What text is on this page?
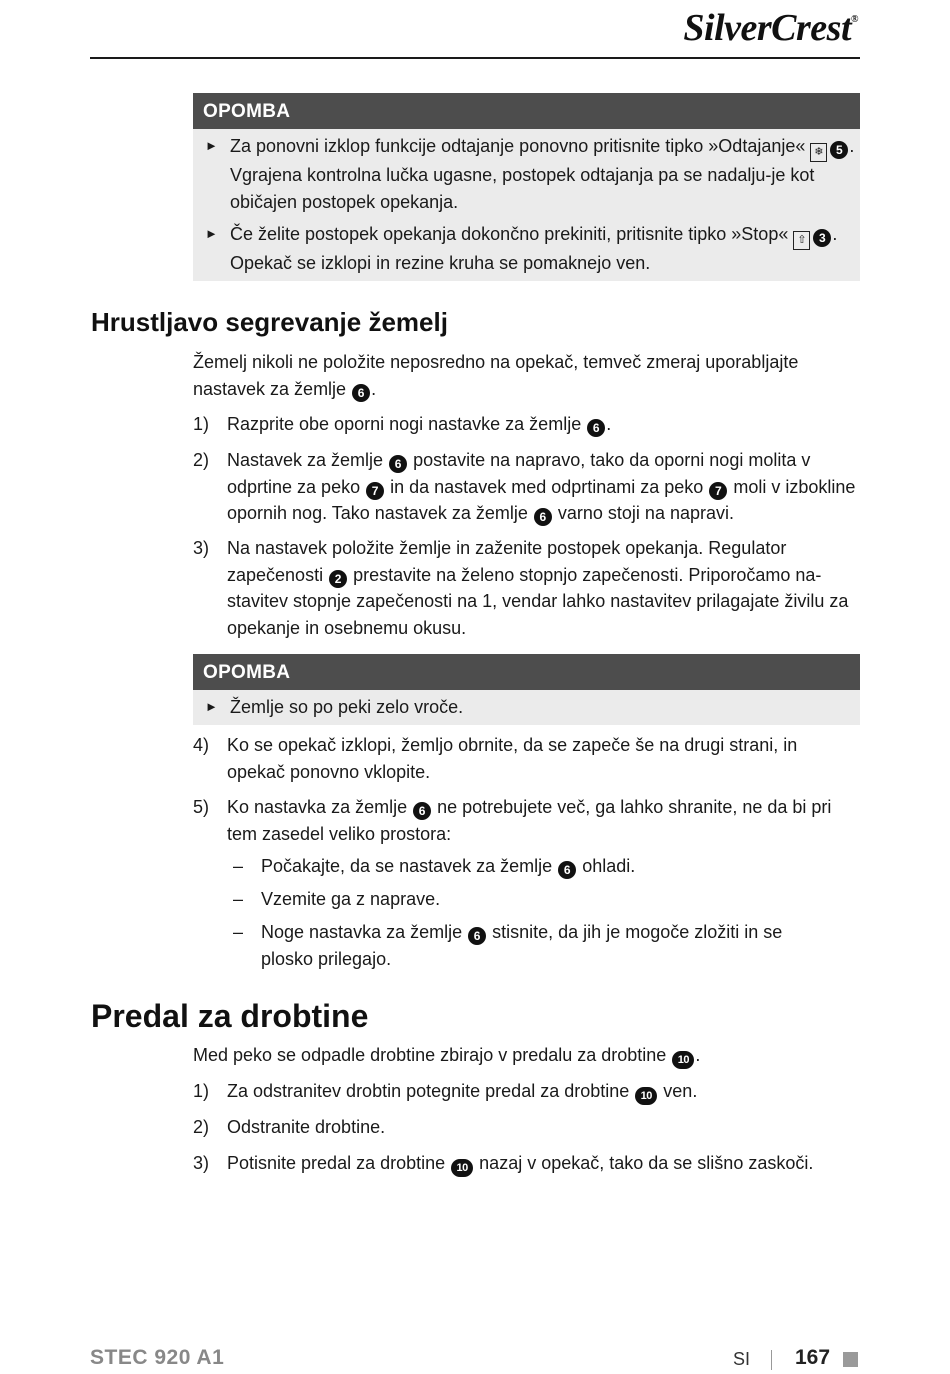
SilverCrest®
OPOMBA
► Za ponovni izklop funkcije odtajanje ponovno pritisnite tipko »Odtajanje« ❄ 5 . Vgrajena kontrolna lučka ugasne, postopek odtajanja pa se nadalju-je kot običajen postopek opekanja.
► Če želite postopek opekanja dokončno prekiniti, pritisnite tipko »Stop« ⇧ 3 . Opekač se izklopi in rezine kruha se pomaknejo ven.
Hrustljavo segrevanje žemelj
Žemelj nikoli ne položite neposredno na opekač, temveč zmeraj uporabljajte nastavek za žemlje 6 .
1) Razprite obe oporni nogi nastavke za žemlje 6 .
2) Nastavek za žemlje 6 postavite na napravo, tako da oporni nogi molita v odprtine za peko 7 in da nastavek med odprtinami za peko 7 moli v izbokline opornih nog. Tako nastavek za žemlje 6 varno stoji na napravi.
3) Na nastavek položite žemlje in zaženite postopek opekanja. Regulator zapečenosti 2 prestavite na želeno stopnjo zapečenosti. Priporočamo na-stavitev stopnje zapečenosti na 1, vendar lahko nastavitev prilagajate živilu za opekanje in osebnemu okusu.
OPOMBA
► Žemlje so po peki zelo vroče.
4) Ko se opekač izklopi, žemljo obrnite, da se zapeče še na drugi strani, in opekač ponovno vklopite.
5) Ko nastavka za žemlje 6 ne potrebujete več, ga lahko shranite, ne da bi pri tem zasedel veliko prostora:
– Počakajte, da se nastavek za žemlje 6 ohladi.
– Vzemite ga z naprave.
– Noge nastavka za žemlje 6 stisnite, da jih je mogoče zložiti in se plosko prilegajo.
Predal za drobtine
Med peko se odpadle drobtine zbirajo v predalu za drobtine 10 .
1) Za odstranitev drobtin potegnite predal za drobtine 10 ven.
2) Odstranite drobtine.
3) Potisnite predal za drobtine 10 nazaj v opekač, tako da se slišno zaskoči.
STEC 920 A1	SI 167
